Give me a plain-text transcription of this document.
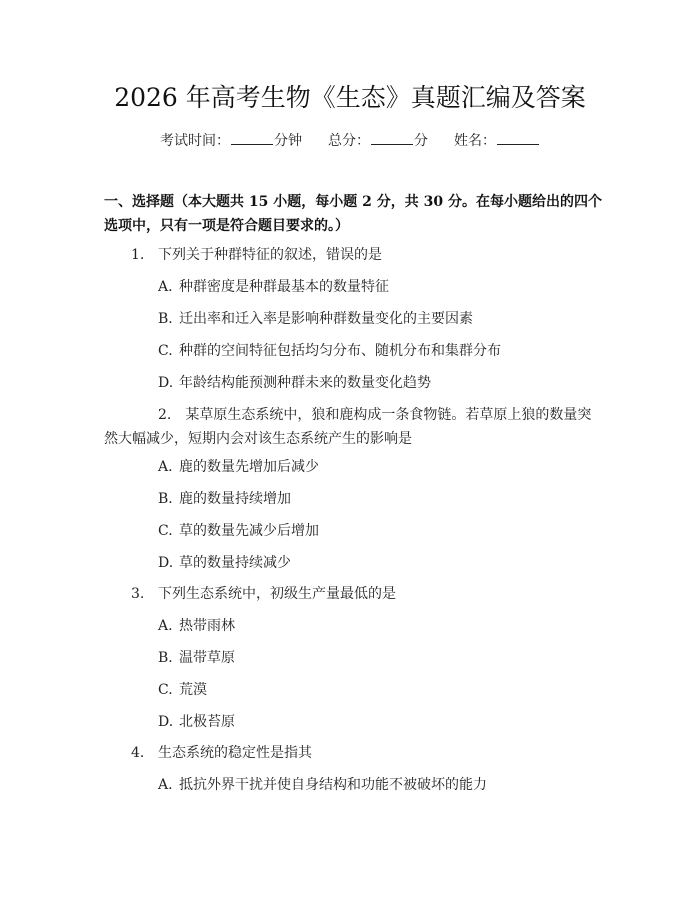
2026 年高考生物《生态》真题汇编及答案
考试时间：	分钟 总分：	分 姓名：
一、选择题（本大题共 15 小题，每小题 2 分，共 30 分。在每小题给出的四个选项中，只有一项是符合题目要求的。）
1. 下列关于种群特征的叙述，错误的是
A. 种群密度是种群最基本的数量特征
B. 迁出率和迁入率是影响种群数量变化的主要因素
C. 种群的空间特征包括均匀分布、随机分布和集群分布
D. 年龄结构能预测种群未来的数量变化趋势
2. 某草原生态系统中，狼和鹿构成一条食物链。若草原上狼的数量突然大幅减少，短期内会对该生态系统产生的影响是
A. 鹿的数量先增加后减少
B. 鹿的数量持续增加
C. 草的数量先减少后增加
D. 草的数量持续减少
3. 下列生态系统中，初级生产量最低的是
A. 热带雨林
B. 温带草原
C. 荒漠
D. 北极苔原
4. 生态系统的稳定性是指其
A. 抵抗外界干扰并使自身结构和功能不被破坏的能力
